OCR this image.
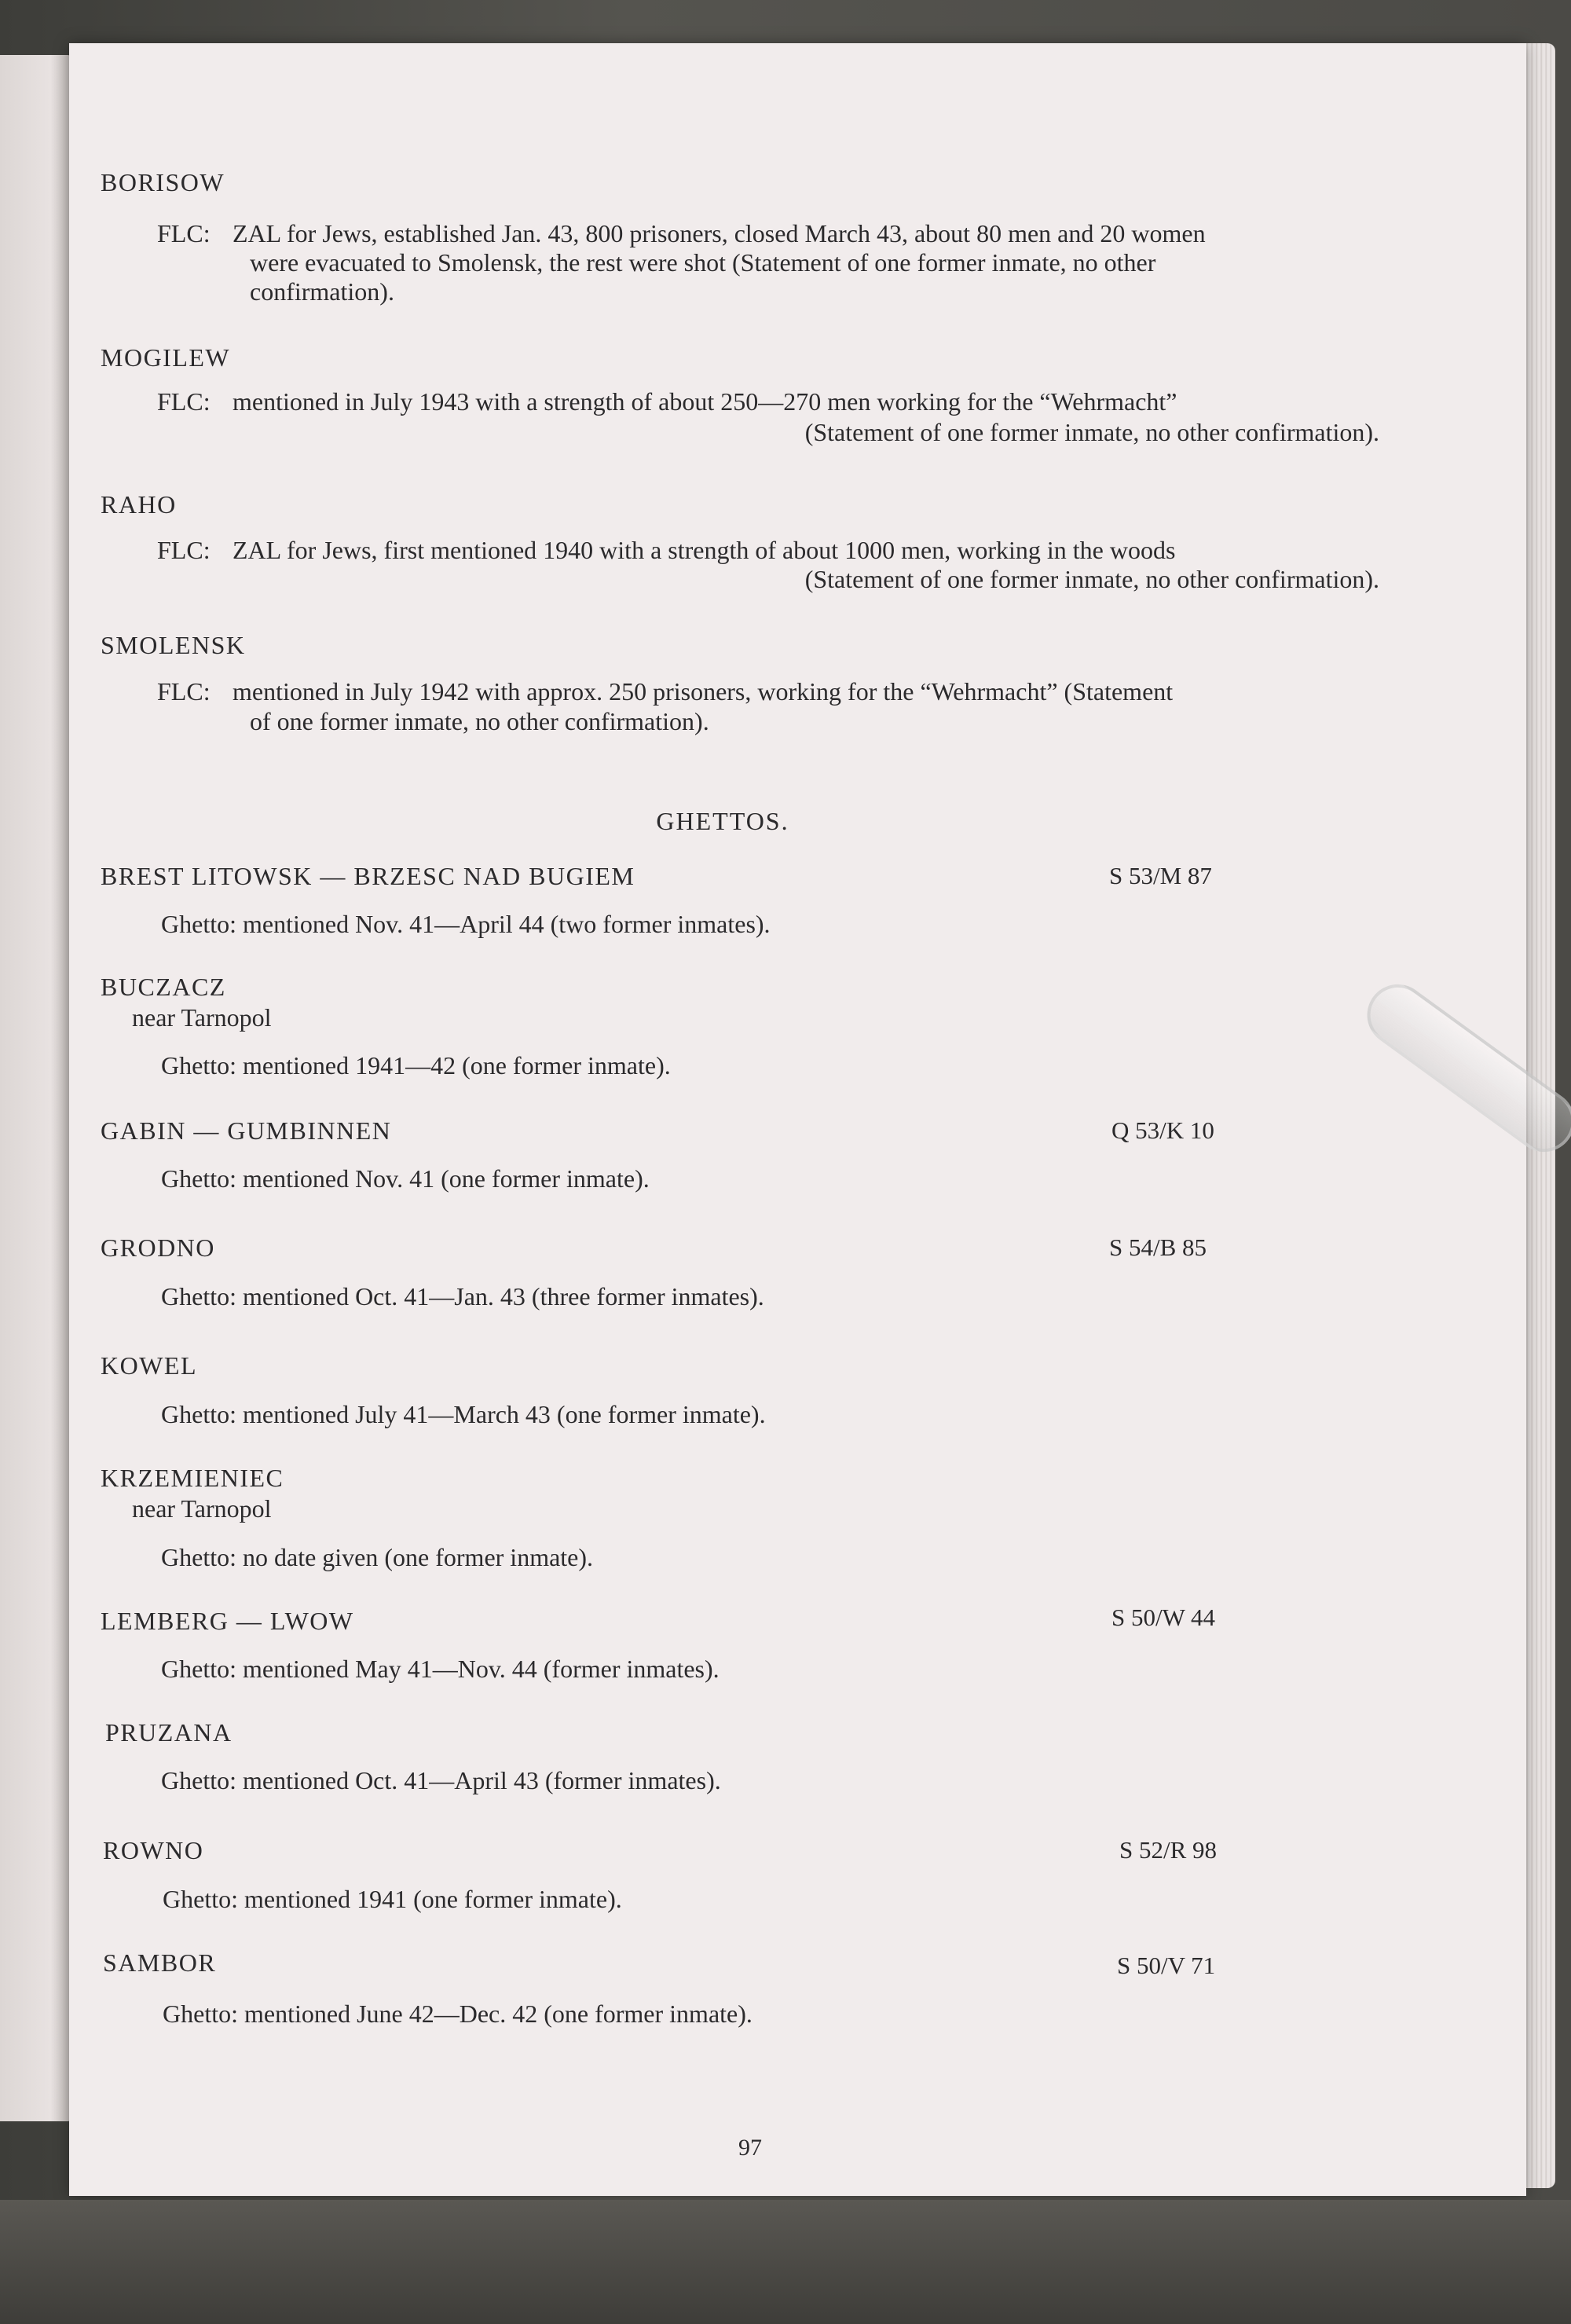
BORISOW
FLC: ZAL for Jews, established Jan. 43, 800 prisoners, closed March 43, about 80 men and 20 women
were evacuated to Smolensk, the rest were shot (Statement of one former inmate, no other
confirmation).
MOGILEW
FLC: mentioned in July 1943 with a strength of about 250—270 men working for the “Wehrmacht”
(Statement of one former inmate, no other confirmation).
RAHO
FLC: ZAL for Jews, first mentioned 1940 with a strength of about 1000 men, working in the woods
(Statement of one former inmate, no other confirmation).
SMOLENSK
FLC: mentioned in July 1942 with approx. 250 prisoners, working for the “Wehrmacht” (Statement
of one former inmate, no other confirmation).
GHETTOS.
BREST LITOWSK — BRZESC NAD BUGIEM	S 53/M 87
Ghetto: mentioned Nov. 41—April 44 (two former inmates).
BUCZACZ
near Tarnopol
Ghetto: mentioned 1941—42 (one former inmate).
GABIN — GUMBINNEN	Q 53/K 10
Ghetto: mentioned Nov. 41 (one former inmate).
GRODNO	S 54/B 85
Ghetto: mentioned Oct. 41—Jan. 43 (three former inmates).
KOWEL
Ghetto: mentioned July 41—March 43 (one former inmate).
KRZEMIENIEC
near Tarnopol
Ghetto: no date given (one former inmate).
LEMBERG — LWOW	S 50/W 44
Ghetto: mentioned May 41—Nov. 44 (former inmates).
PRUZANA
Ghetto: mentioned Oct. 41—April 43 (former inmates).
ROWNO	S 52/R 98
Ghetto: mentioned 1941 (one former inmate).
SAMBOR	S 50/V 71
Ghetto: mentioned June 42—Dec. 42 (one former inmate).
97
